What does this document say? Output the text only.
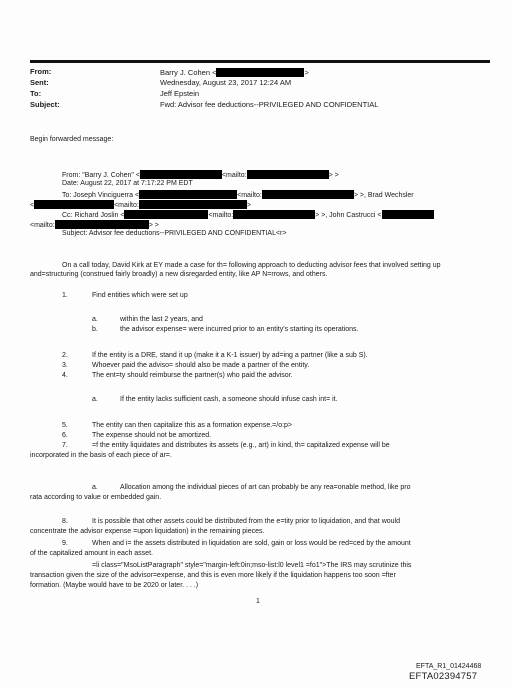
From:	Barry J. Cohen <	>
Sent:	Wednesday, August 23, 2017 12:24 AM
To:	Jeff Epstein
Subject:	Fwd: Advisor fee deductions--PRIVILEGED AND CONFIDENTIAL
Begin forwarded message:
From: "Barry J. Cohen" <	<mailto:	> >
Date: August 22, 2017 at 7:17:22 PM EDT
To: Joseph Vinciguerra <	<mailto:	> >, Brad Wechsler
<	<mailto:	>
Cc: Richard Joslin <	<mailto:	> >, John Castrucci <
<mailto:	> >
Subject: Advisor fee deductions--PRIVILEGED AND CONFIDENTIAL<r>
On a call today, David Kirk at EY made a case for th= following approach to deducting advisor fees that involved setting up and=structuring (construed fairly broadly) a new disregarded entity, like AP N=rrows, and others.
1.	Find entities which were set up
a.	within the last 2 years, and
b.	the advisor expense= were incurred prior to an entity's starting its operations.
2.	If the entity is a DRE, stand it up (make it a K-1 issuer) by ad=ing a partner (like a sub S).
3.	Whoever paid the adviso= should also be made a partner of the entity.
4.	The ent=ty should reimburse the partner(s) who paid the advisor.
a.	If the entity lacks sufficient cash, a someone should infuse cash int= it.
5.	The entity can then capitalize this as a formation expense.=/o:p>
6.	The expense should not be amortized.
7.	=f the entity liquidates and distributes its assets (e.g., art) in kind, th= capitalized expense will be
incorporated in the basis of each piece of ar=.
a.	Allocation among the individual pieces of art can probably be any rea=onable method, like pro
rata according to value or embedded gain.
8.	It is possible that other assets could be distributed from the e=tity prior to liquidation, and that would
concentrate the advisor expense =upon liquidation) in the remaining pieces.
9.	When and i= the assets distributed in liquidation are sold, gain or loss would be red=ced by the amount
of the capitalized amount in each asset.
=li class="MsoListParagraph" style="margin-left:0in;mso-list:l0 level1 =fo1">The IRS may scrutinize this
transaction given the size of the advisor=expense, and this is even more likely if the liquidation happens too soon =fter
formation. (Maybe would have to be 2020 or later. . . .)
1
EFTA_R1_01424468
EFTA02394757
